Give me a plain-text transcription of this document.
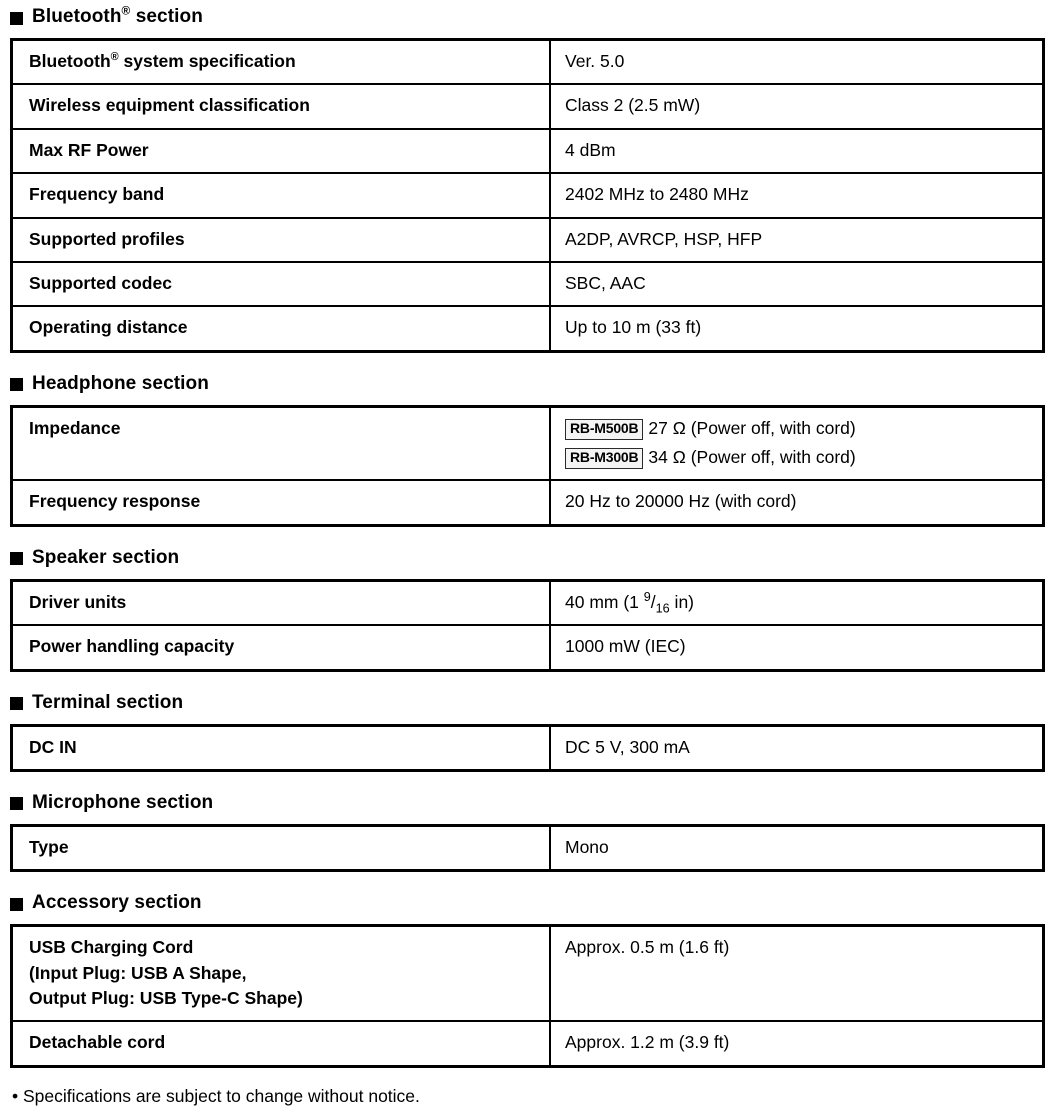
Bluetooth® section
Bluetooth® system specification	Ver. 5.0
Wireless equipment classification	Class 2 (2.5 mW)
Max RF Power	4 dBm
Frequency band	2402 MHz to 2480 MHz
Supported profiles	A2DP, AVRCP, HSP, HFP
Supported codec	SBC, AAC
Operating distance	Up to 10 m (33 ft)
Headphone section
Impedance	RB-M500B 27 Ω (Power off, with cord)
RB-M300B 34 Ω (Power off, with cord)

Frequency response	20 Hz to 20000 Hz (with cord)
Speaker section
Driver units	40 mm (1 $^9/_{16}$ in)
Power handling capacity	1000 mW (IEC)
Terminal section
DC IN	DC 5 V, 300 mA
Microphone section
Type	Mono
Accessory section
USB Charging Cord
(Input Plug: USB A Shape,
Output Plug: USB Type-C Shape)	Approx. 0.5 m (1.6 ft)
Detachable cord	Approx. 1.2 m (3.9 ft)
• Specifications are subject to change without notice.
